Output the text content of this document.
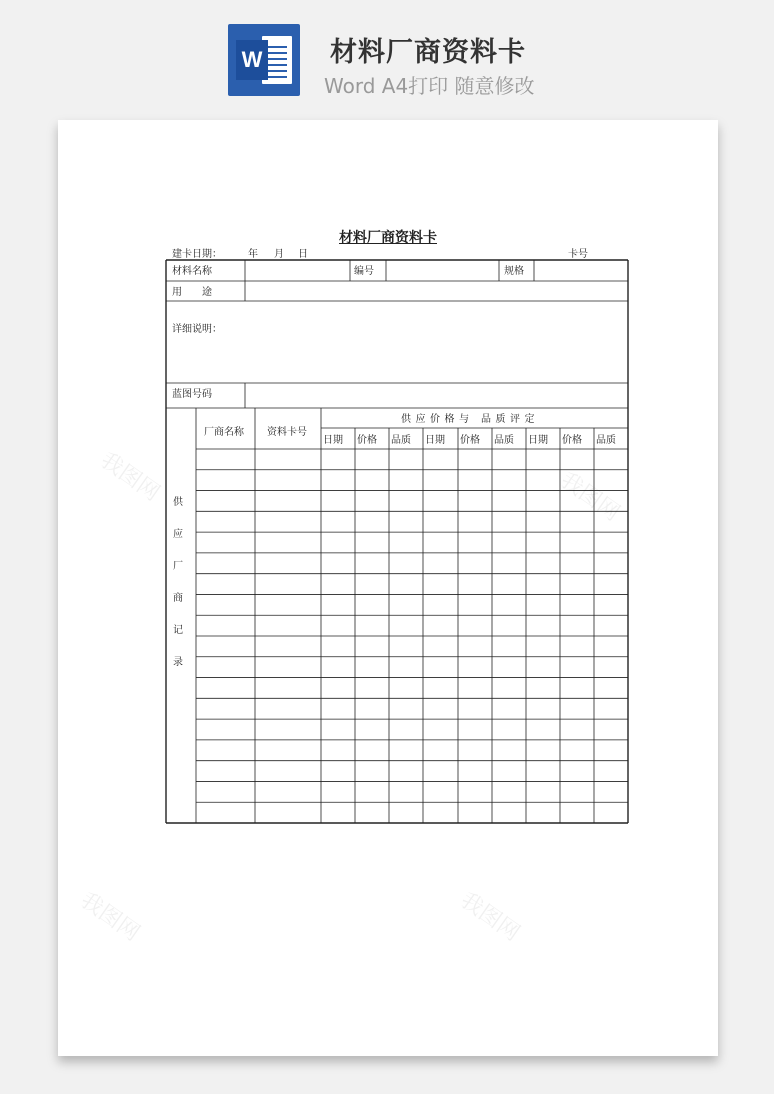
W	材料厂商资料卡
Word A4打印 随意修改
材料厂商资料卡
建卡日期：	年 月 日	卡号
材料名称	编号	规格
用　　途
详细说明：
蓝图号码
厂商名称 资料卡号
供 应 价 格 与　品 质 评 定
日期	价格	品质	日期	价格	品质	日期	价格	品质
供
应
厂
商
记
录
我图网	我图网
我图网	我图网
